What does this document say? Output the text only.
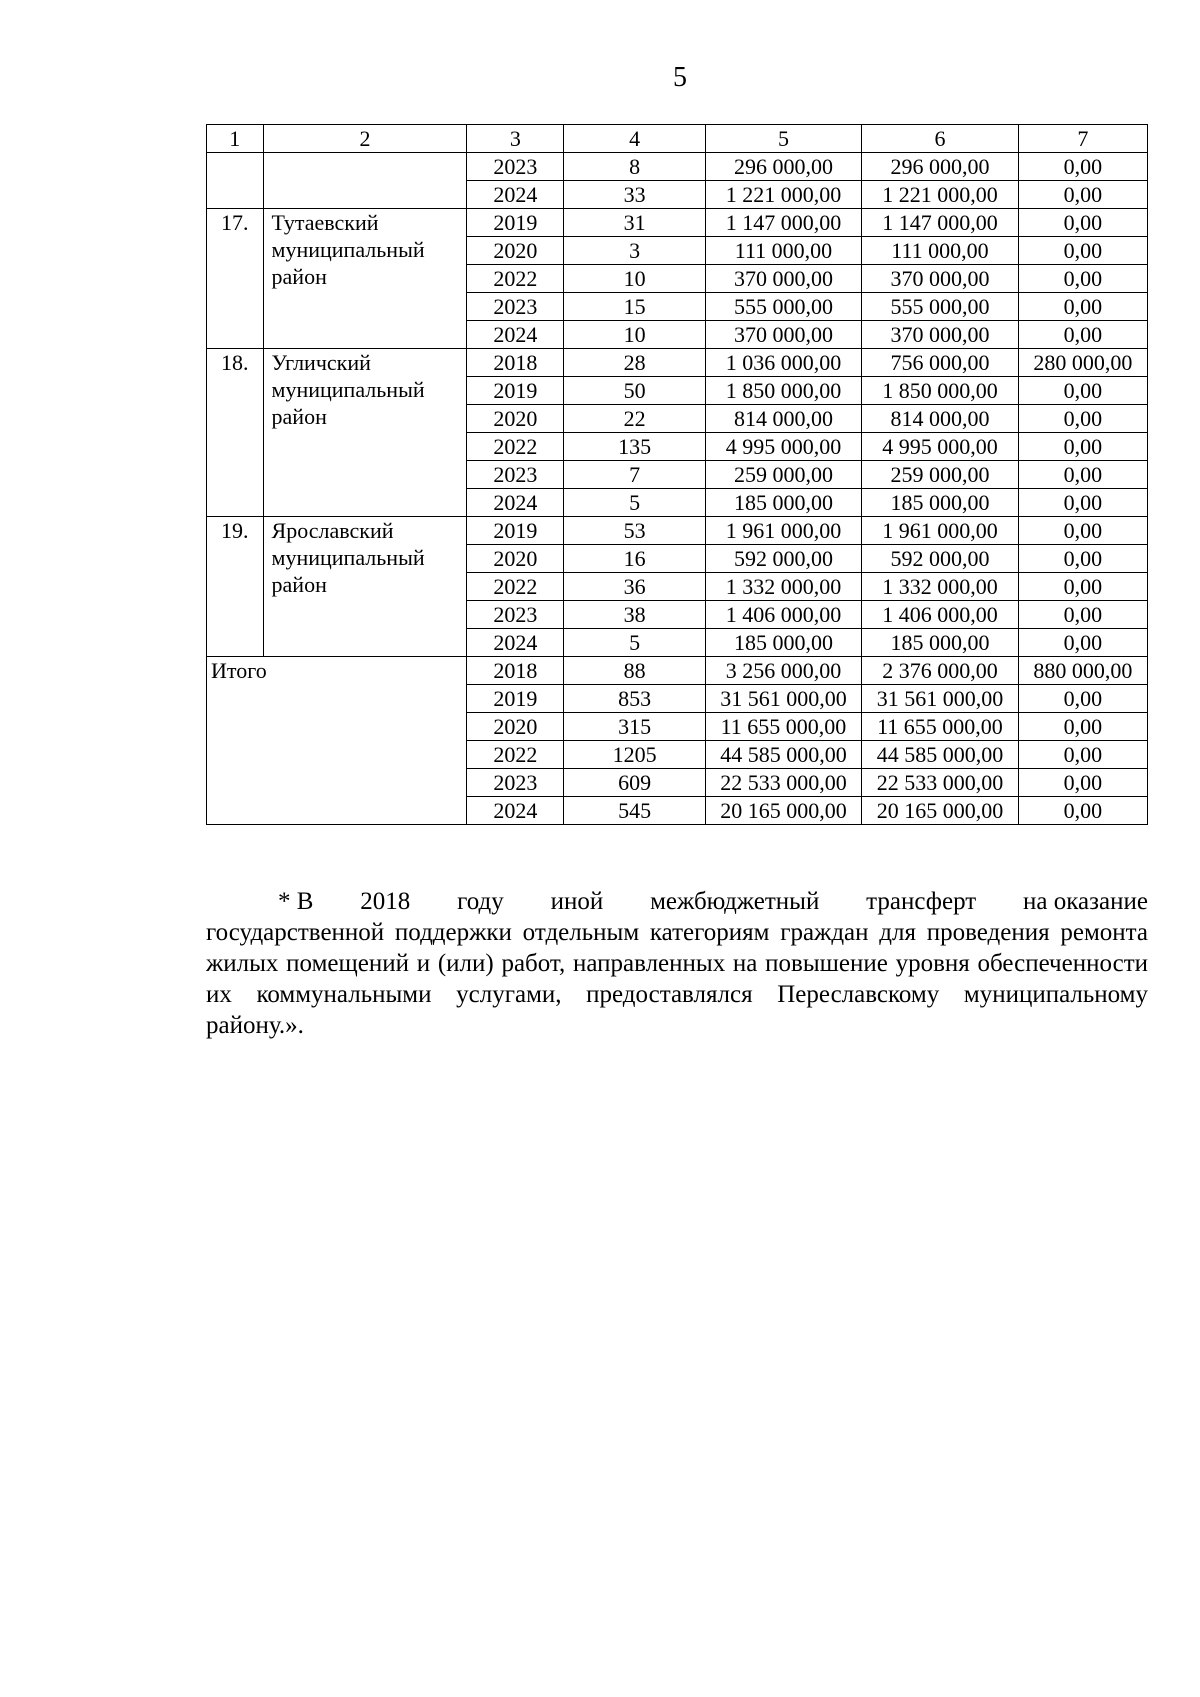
5
1	2	3	4	5	6	7
		2023	8	296 000,00	296 000,00	0,00
		2024	33	1 221 000,00	1 221 000,00	0,00
17.	Тутаевский муниципальный район	2019	31	1 147 000,00	1 147 000,00	0,00
		2020	3	111 000,00	111 000,00	0,00
		2022	10	370 000,00	370 000,00	0,00
		2023	15	555 000,00	555 000,00	0,00
		2024	10	370 000,00	370 000,00	0,00
18.	Угличский муниципальный район	2018	28	1 036 000,00	756 000,00	280 000,00
		2019	50	1 850 000,00	1 850 000,00	0,00
		2020	22	814 000,00	814 000,00	0,00
		2022	135	4 995 000,00	4 995 000,00	0,00
		2023	7	259 000,00	259 000,00	0,00
		2024	5	185 000,00	185 000,00	0,00
19.	Ярославский муниципальный район	2019	53	1 961 000,00	1 961 000,00	0,00
		2020	16	592 000,00	592 000,00	0,00
		2022	36	1 332 000,00	1 332 000,00	0,00
		2023	38	1 406 000,00	1 406 000,00	0,00
		2024	5	185 000,00	185 000,00	0,00
Итого		2018	88	3 256 000,00	2 376 000,00	880 000,00
		2019	853	31 561 000,00	31 561 000,00	0,00
		2020	315	11 655 000,00	11 655 000,00	0,00
		2022	1205	44 585 000,00	44 585 000,00	0,00
		2023	609	22 533 000,00	22 533 000,00	0,00
		2024	545	20 165 000,00	20 165 000,00	0,00
* В 2018 году иной межбюджетный трансферт на оказание
государственной поддержки отдельным категориям граждан для проведения ремонта жилых помещений и (или) работ, направленных на повышение уровня обеспеченности их коммунальными услугами, предоставлялся Переславскому муниципальному району.».
